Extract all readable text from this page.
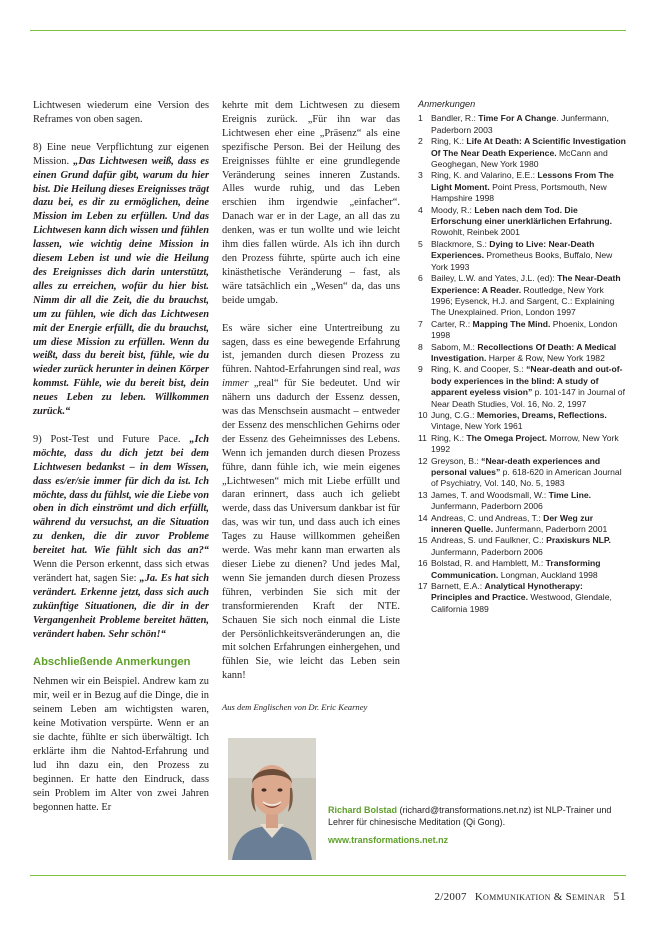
Lichtwesen wiederum eine Version des Reframes von oben sagen.

8) Eine neue Verpflichtung zur eigenen Mission. „Das Lichtwesen weiß, dass es einen Grund dafür gibt, warum du hier bist. Die Heilung dieses Ereignisses trägt dazu bei, es dir zu ermöglichen, deine Mission im Leben zu erfüllen. Und das Lichtwesen kann dich wissen und fühlen lassen, wie wichtig deine Mission in diesem Leben ist und wie die Heilung des Ereignisses dich darin unterstützt, alles zu erreichen, wofür du hier bist. Nimm dir all die Zeit, die du brauchst, um zu fühlen, wie dich das Lichtwesen mit der Energie erfüllt, die du brauchst, um diese Mission zu erfüllen. Wenn du weißt, dass du bereit bist, fühle, wie du wieder zurück herunter in deinen Körper kommst. Fühle, wie du bereit bist, dein neues Leben zu leben. Willkommen zurück.“

9) Post-Test und Future Pace. „Ich möchte, dass du dich jetzt bei dem Lichtwesen bedankst – in dem Wissen, dass es/er/sie immer für dich da ist. Ich möchte, dass du fühlst, wie die Liebe von oben in dich einströmt und dich erfüllt, während du versuchst, an die Situation zu denken, die dir zuvor Probleme bereitet hat. Wie fühlt sich das an?“ Wenn die Person erkennt, dass sich etwas verändert hat, sagen Sie: „Ja. Es hat sich verändert. Erkenne jetzt, dass sich auch zukünftige Situationen, die dir in der Vergangenheit Probleme bereitet hätten, verändert haben. Sehr schön!“

Abschließende Anmerkungen

Nehmen wir ein Beispiel. Andrew kam zu mir, weil er in Bezug auf die Dinge, die in seinem Leben am wichtigsten waren, keine Motivation verspürte. Wenn er an sie dachte, fühlte er sich überwältigt. Ich erklärte ihm die Nahtod-Erfahrung und lud ihn dazu ein, den Prozess zu beginnen. Er hatte den Eindruck, dass sein Problem im Alter von zwei Jahren begonnen hatte. Er

kehrte mit dem Lichtwesen zu diesem Ereignis zurück. „Für ihn war das Lichtwesen eher eine „Präsenz“ als eine spezifische Person. Bei der Heilung des Ereignisses fühlte er eine grundlegende Veränderung seines inneren Zustands. Alles wurde ruhig, und das Leben erschien ihm irgendwie „einfacher“. Danach war er in der Lage, an all das zu denken, was er tun wollte und wie leicht ihm dies fallen würde. Als ich ihn durch den Prozess führte, spürte auch ich eine kinästhetische Veränderung – fast, als wäre tatsächlich ein „Wesen“ da, das uns beide umgab.

Es wäre sicher eine Untertreibung zu sagen, dass es eine bewegende Erfahrung ist, jemanden durch diesen Prozess zu führen. Nahtod-Erfahrungen sind real, was immer „real“ für Sie bedeutet. Und wir nähern uns dadurch der Essenz dessen, was das Menschsein ausmacht – entweder der Essenz des menschlichen Gehirns oder der Essenz des Geheimnisses des Lebens. Wenn ich jemanden durch diesen Prozess führe, dann fühle ich, wie mein eigenes „Lichtwesen“ mich mit Liebe erfüllt und daran erinnert, dass auch ich geliebt werde, dass das Universum dankbar ist für das, was wir tun, und dass auch ich eines Tages zu Hause willkommen geheißen werde. Was mehr kann man erwarten als dieser Liebe zu dienen? Und jedes Mal, wenn Sie jemanden durch diesen Prozess führen, verbinden Sie sich mit der transformierenden Kraft der NTE. Schauen Sie sich noch einmal die Liste der Persönlichkeitsveränderungen an, die mit solchen Erfahrungen einhergehen, und fühlen Sie, wie leicht das Leben sein kann!

Aus dem Englischen von Dr. Eric Kearney
Anmerkungen
1 Bandler, R.: Time For A Change. Junfermann, Paderborn 2003
2 Ring, K.: Life At Death: A Scientific Investigation Of The Near Death Experience. McCann and Geoghegan, New York 1980
3 Ring, K. and Valarino, E.E.: Lessons From The Light Moment. Point Press, Portsmouth, New Hampshire 1998
4 Moody, R.: Leben nach dem Tod. Die Erforschung einer unerklärlichen Erfahrung. Rowohlt, Reinbek 2001
5 Blackmore, S.: Dying to Live: Near-Death Experiences. Prometheus Books, Buffalo, New York 1993
6 Bailey, L.W. and Yates, J.L. (ed): The Near-Death Experience: A Reader. Routledge, New York 1996; Eysenck, H.J. and Sargent, C.: Explaining The Unexplained. Prion, London 1997
7 Carter, R.: Mapping The Mind. Phoenix, London 1998
8 Sabom, M.: Recollections Of Death: A Medical Investigation. Harper & Row, New York 1982
9 Ring, K. and Cooper, S.: “Near-death and out-of-body experiences in the blind: A study of apparent eyeless vision” p. 101-147 in Journal of Near Death Studies, Vol. 16, No. 2, 1997
10 Jung, C.G.: Memories, Dreams, Reflections. Vintage, New York 1961
11 Ring, K.: The Omega Project. Morrow, New York 1992
12 Greyson, B.: “Near-death experiences and personal values” p. 618-620 in American Journal of Psychiatry, Vol. 140, No. 5, 1983
13 James, T. and Woodsmall, W.: Time Line. Junfermann, Paderborn 2006
14 Andreas, C. und Andreas, T.: Der Weg zur inneren Quelle. Junfermann, Paderborn 2001
15 Andreas, S. und Faulkner, C.: Praxiskurs NLP. Junfermann, Paderborn 2006
16 Bolstad, R. and Hamblett, M.: Transforming Communication. Longman, Auckland 1998
17 Barnett, E.A.: Analytical Hynotherapy: Principles and Practice. Westwood, Glendale, California 1989
Richard Bolstad (richard@transformations.net.nz) ist NLP-Trainer und Lehrer für chinesische Meditation (Qi Gong).
www.transformations.net.nz
2/2007 Kommunikation & Seminar 51
